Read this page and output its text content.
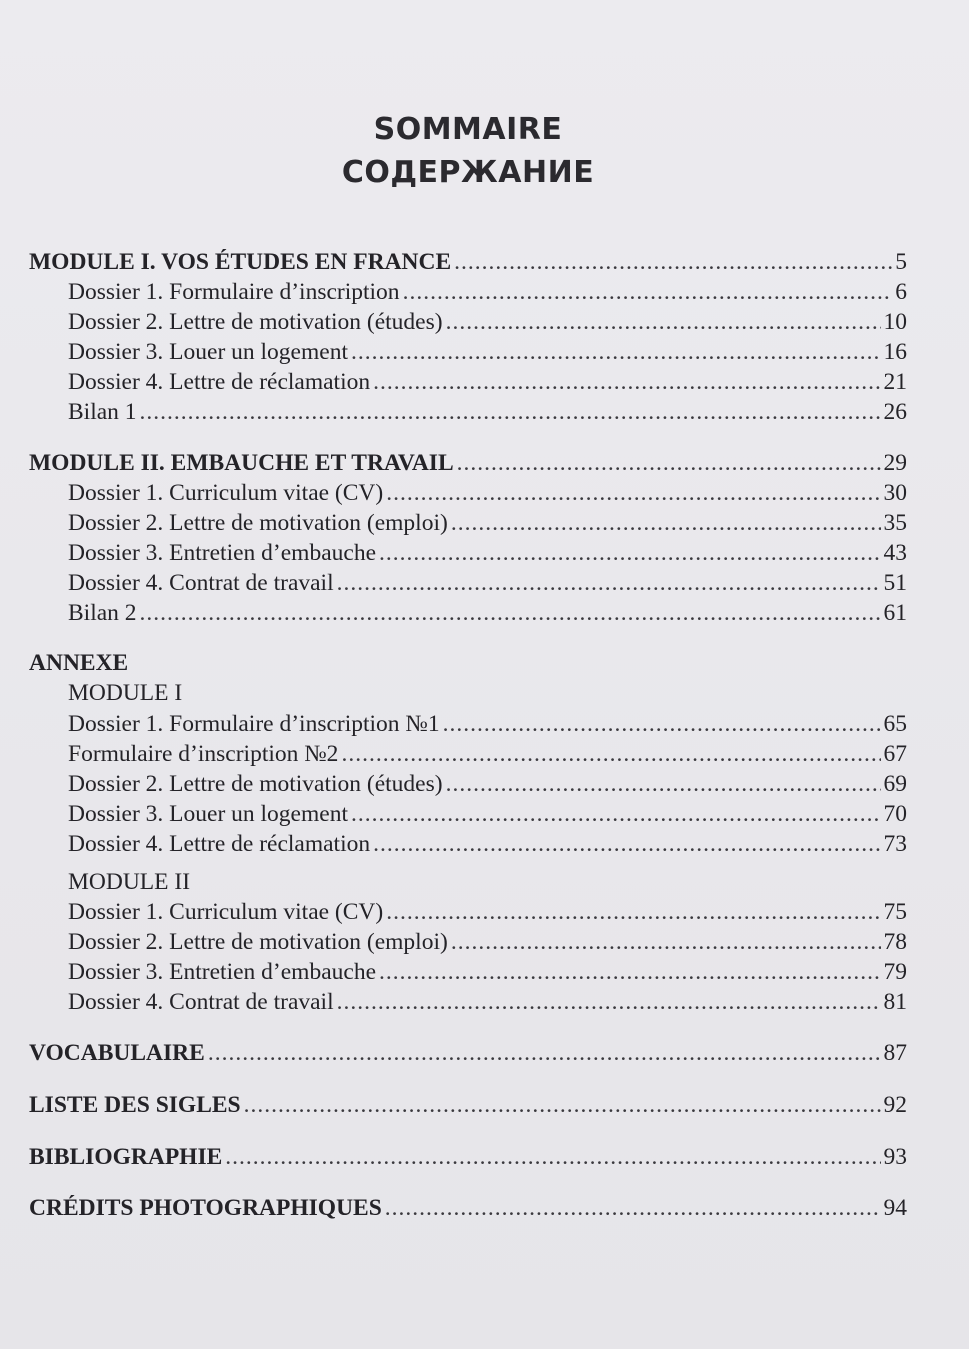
SOMMAIRE
СОДЕРЖАНИЕ
MODULE I. VOS ÉTUDES EN FRANCE .....	5
Dossier 1. Formulaire d’inscription .....	6
Dossier 2. Lettre de motivation (études) .....	10
Dossier 3. Louer un logement .....	16
Dossier 4. Lettre de réclamation .....	21
Bilan 1 .....	26
MODULE II. EMBAUCHE ET TRAVAIL .....	29
Dossier 1. Curriculum vitae (CV) .....	30
Dossier 2. Lettre de motivation (emploi) .....	35
Dossier 3. Entretien d’embauche .....	43
Dossier 4. Contrat de travail .....	51
Bilan 2 .....	61
ANNEXE
MODULE I
Dossier 1. Formulaire d’inscription №1 .....	65
Formulaire d’inscription №2 .....	67
Dossier 2. Lettre de motivation (études) .....	69
Dossier 3. Louer un logement .....	70
Dossier 4. Lettre de réclamation .....	73
MODULE II
Dossier 1. Curriculum vitae (CV) .....	75
Dossier 2. Lettre de motivation (emploi) .....	78
Dossier 3. Entretien d’embauche .....	79
Dossier 4. Contrat de travail .....	81
VOCABULAIRE .....	87
LISTE DES SIGLES .....	92
BIBLIOGRAPHIE .....	93
CRÉDITS PHOTOGRAPHIQUES .....	94
